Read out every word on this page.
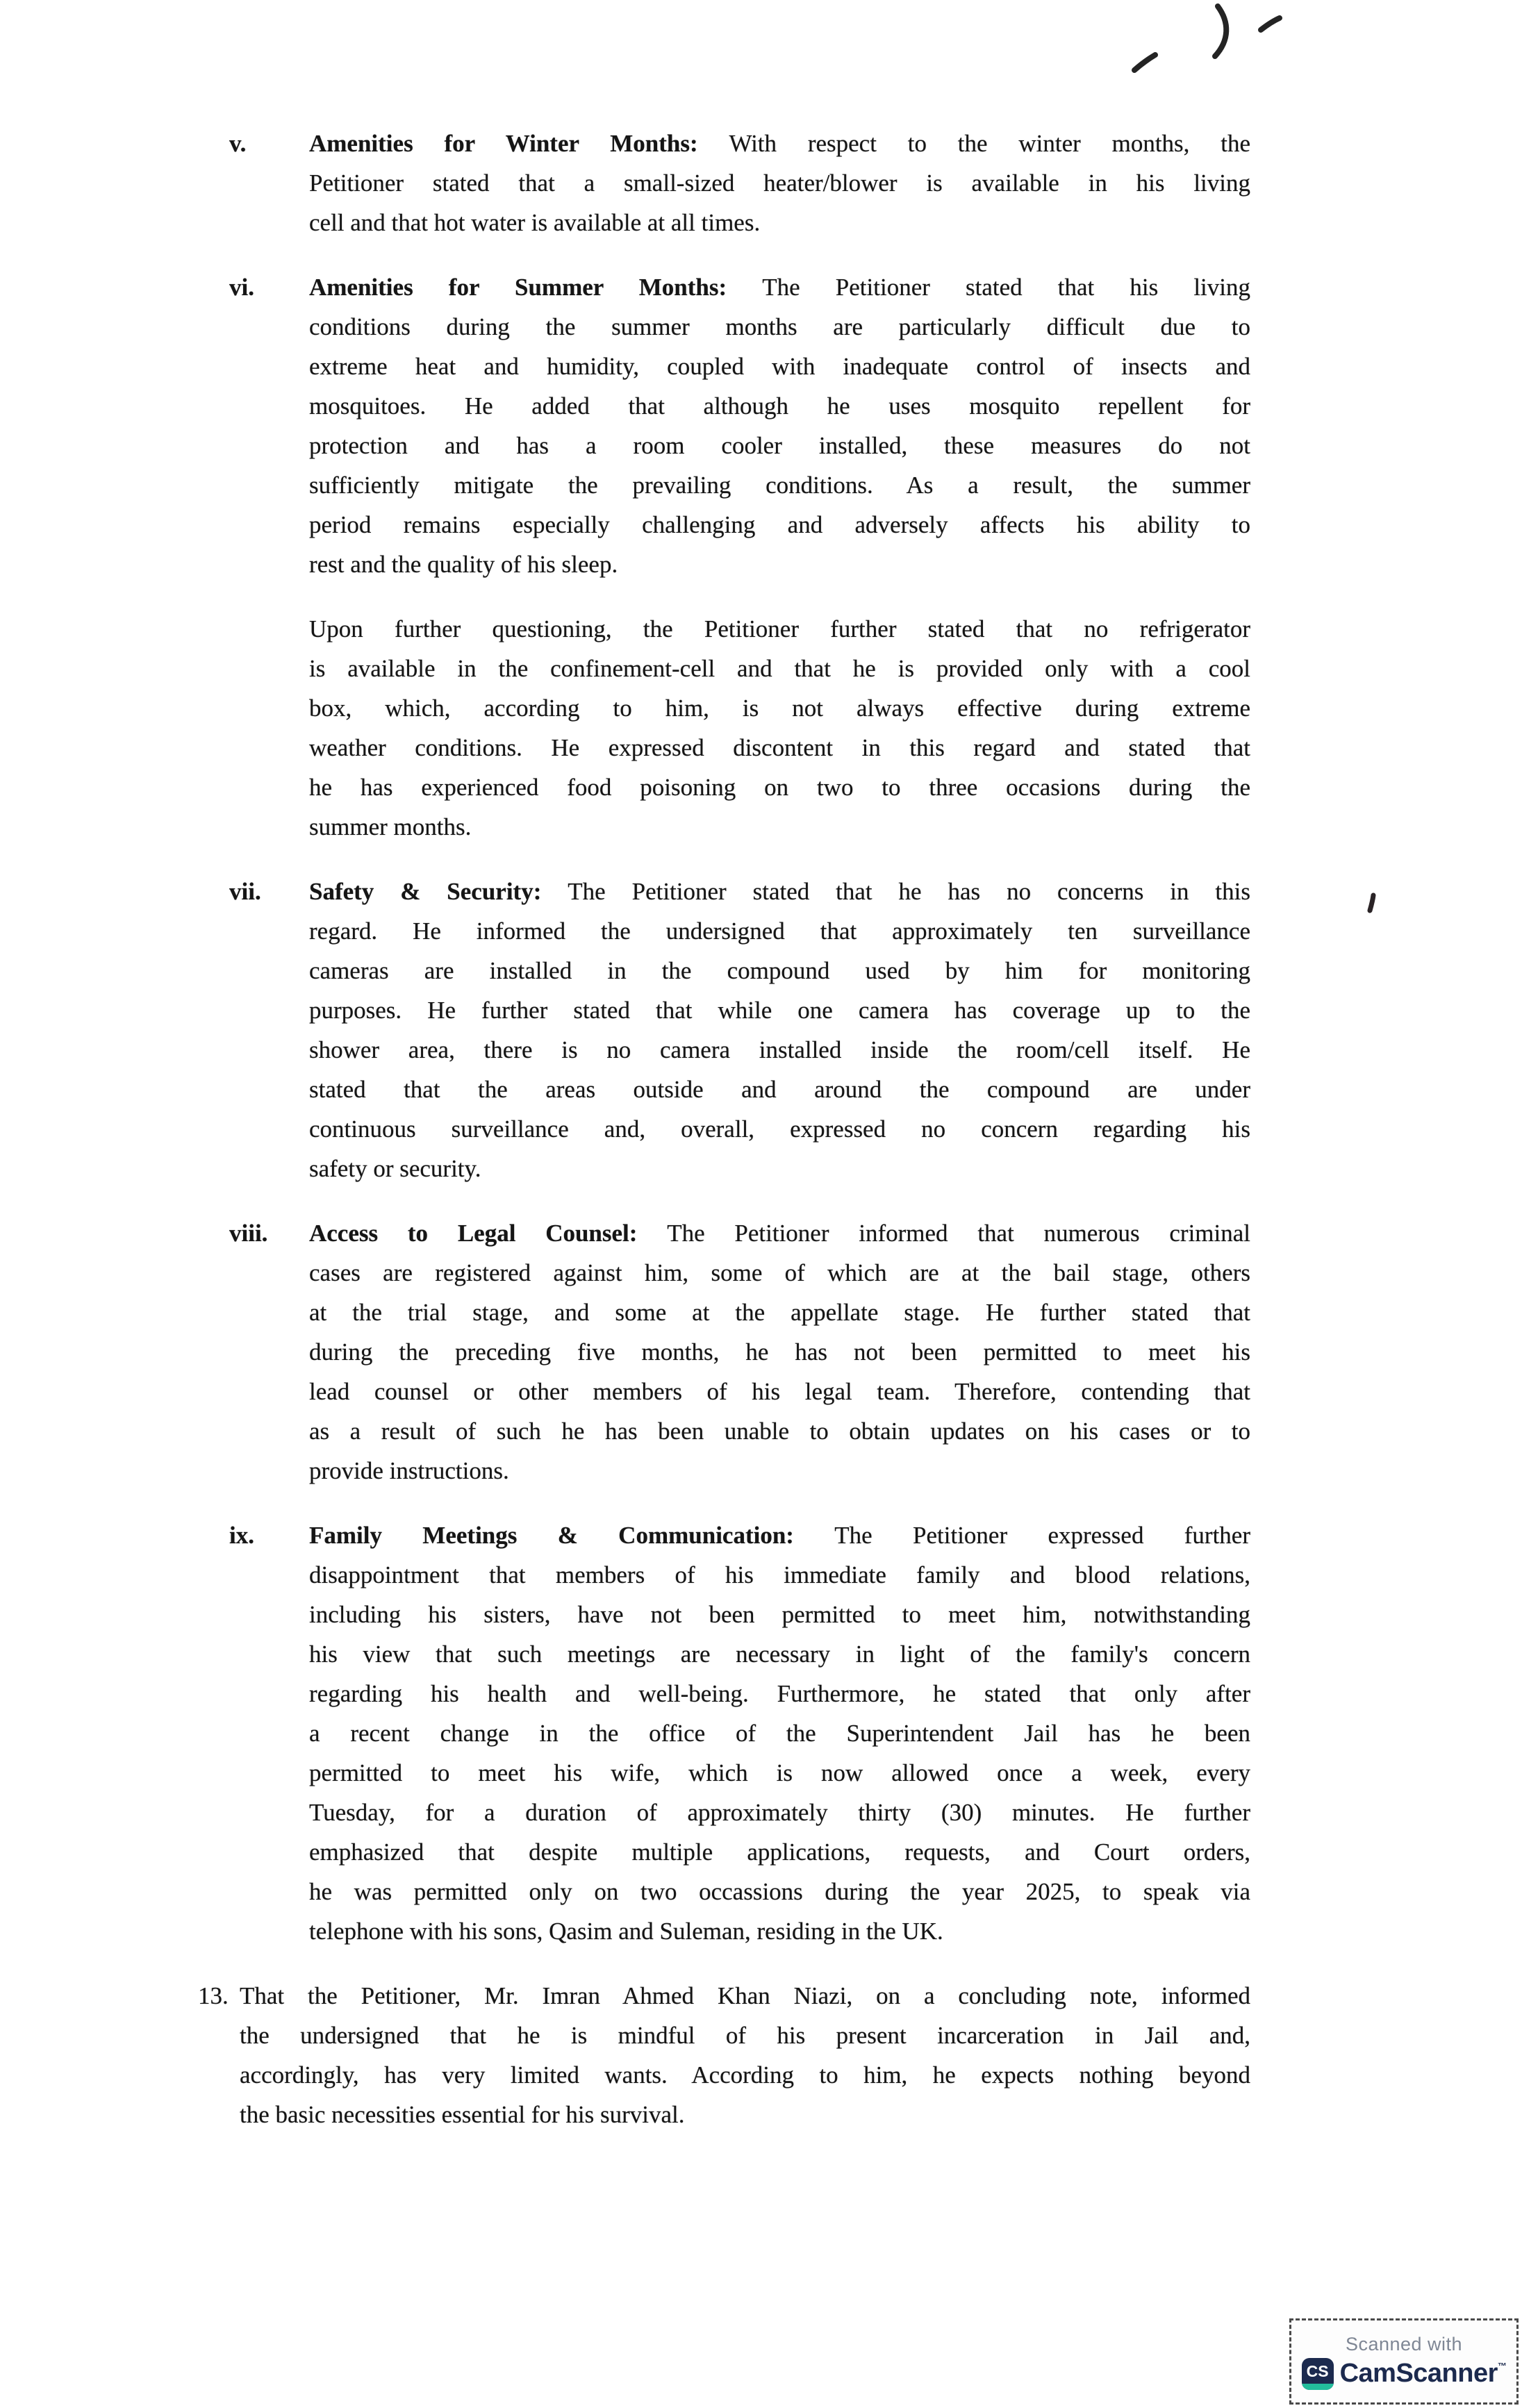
v.	Amenities for Winter Months: With respect to the winter months, the
Petitioner stated that a small-sized heater/blower is available in his living
cell and that hot water is available at all times.
vi.	Amenities for Summer Months: The Petitioner stated that his living
conditions during the summer months are particularly difficult due to
extreme heat and humidity, coupled with inadequate control of insects and
mosquitoes. He added that although he uses mosquito repellent for
protection and has a room cooler installed, these measures do not
sufficiently mitigate the prevailing conditions. As a result, the summer
period remains especially challenging and adversely affects his ability to
rest and the quality of his sleep.
Upon further questioning, the Petitioner further stated that no refrigerator
is available in the confinement-cell and that he is provided only with a cool
box, which, according to him, is not always effective during extreme
weather conditions. He expressed discontent in this regard and stated that
he has experienced food poisoning on two to three occasions during the
summer months.
vii.	Safety & Security: The Petitioner stated that he has no concerns in this
regard. He informed the undersigned that approximately ten surveillance
cameras are installed in the compound used by him for monitoring
purposes. He further stated that while one camera has coverage up to the
shower area, there is no camera installed inside the room/cell itself. He
stated that the areas outside and around the compound are under
continuous surveillance and, overall, expressed no concern regarding his
safety or security.
viii.	Access to Legal Counsel: The Petitioner informed that numerous criminal
cases are registered against him, some of which are at the bail stage, others
at the trial stage, and some at the appellate stage. He further stated that
during the preceding five months, he has not been permitted to meet his
lead counsel or other members of his legal team. Therefore, contending that
as a result of such he has been unable to obtain updates on his cases or to
provide instructions.
ix.	Family Meetings & Communication: The Petitioner expressed further
disappointment that members of his immediate family and blood relations,
including his sisters, have not been permitted to meet him, notwithstanding
his view that such meetings are necessary in light of the family's concern
regarding his health and well-being. Furthermore, he stated that only after
a recent change in the office of the Superintendent Jail has he been
permitted to meet his wife, which is now allowed once a week, every
Tuesday, for a duration of approximately thirty (30) minutes. He further
emphasized that despite multiple applications, requests, and Court orders,
he was permitted only on two occassions during the year 2025, to speak via
telephone with his sons, Qasim and Suleman, residing in the UK.
13. That the Petitioner, Mr. Imran Ahmed Khan Niazi, on a concluding note, informed
the undersigned that he is mindful of his present incarceration in Jail and,
accordingly, has very limited wants. According to him, he expects nothing beyond
the basic necessities essential for his survival.
Scanned with
CS CamScanner™
